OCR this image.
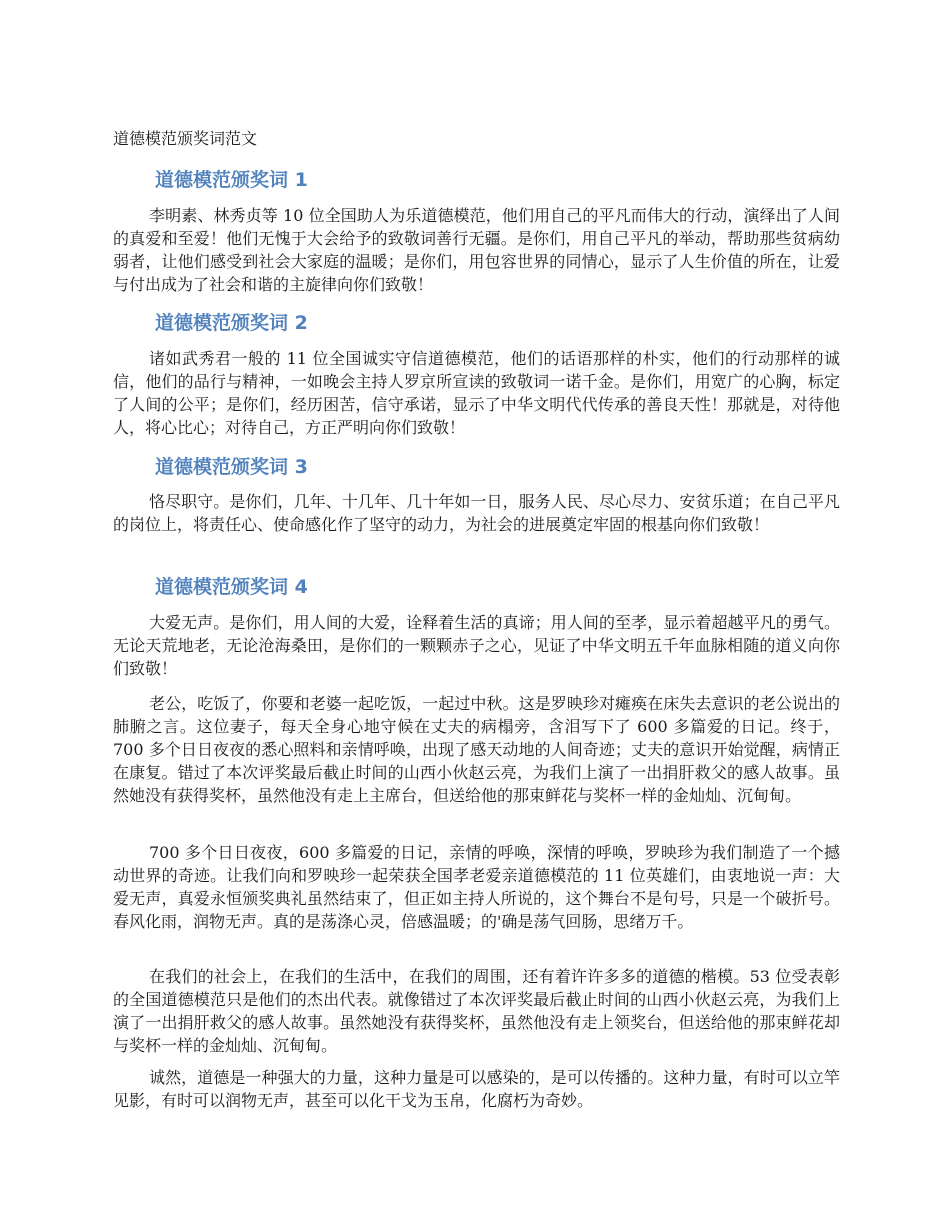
道德模范颁奖词范文
道德模范颁奖词 1

李明素、林秀贞等 10 位全国助人为乐道德模范，他们用自己的平凡而伟大的行动，演绎出了人间的真爱和至爱！他们无愧于大会给予的致敬词善行无疆。是你们，用自己平凡的举动，帮助那些贫病幼弱者，让他们感受到社会大家庭的温暖；是你们，用包容世界的同情心，显示了人生价值的所在，让爱与付出成为了社会和谐的主旋律向你们致敬！

道德模范颁奖词 2

诸如武秀君一般的 11 位全国诚实守信道德模范，他们的话语那样的朴实，他们的行动那样的诚信，他们的品行与精神，一如晚会主持人罗京所宣读的致敬词一诺千金。是你们，用宽广的心胸，标定了人间的公平；是你们，经历困苦，信守承诺，显示了中华文明代代传承的善良天性！那就是，对待他人，将心比心；对待自己，方正严明向你们致敬！

道德模范颁奖词 3

恪尽职守。是你们，几年、十几年、几十年如一日，服务人民、尽心尽力、安贫乐道；在自己平凡的岗位上，将责任心、使命感化作了坚守的动力，为社会的进展奠定牢固的根基向你们致敬！

道德模范颁奖词 4

大爱无声。是你们，用人间的大爱，诠释着生活的真谛；用人间的至孝，显示着超越平凡的勇气。无论天荒地老，无论沧海桑田，是你们的一颗颗赤子之心，见证了中华文明五千年血脉相随的道义向你们致敬！

老公，吃饭了，你要和老婆一起吃饭，一起过中秋。这是罗映珍对瘫痪在床失去意识的老公说出的肺腑之言。这位妻子，每天全身心地守候在丈夫的病榻旁，含泪写下了 600 多篇爱的日记。终于，700 多个日日夜夜的悉心照料和亲情呼唤，出现了感天动地的人间奇迹；丈夫的意识开始觉醒，病情正在康复。错过了本次评奖最后截止时间的山西小伙赵云亮，为我们上演了一出捐肝救父的感人故事。虽然她没有获得奖杯，虽然他没有走上主席台，但送给他的那束鲜花与奖杯一样的金灿灿、沉甸甸。

700 多个日日夜夜，600 多篇爱的日记，亲情的呼唤，深情的呼唤，罗映珍为我们制造了一个撼动世界的奇迹。让我们向和罗映珍一起荣获全国孝老爱亲道德模范的 11 位英雄们，由衷地说一声：大爱无声，真爱永恒颁奖典礼虽然结束了，但正如主持人所说的，这个舞台不是句号，只是一个破折号。春风化雨，润物无声。真的是荡涤心灵，倍感温暖；的'确是荡气回肠，思绪万千。

在我们的社会上，在我们的生活中，在我们的周围，还有着许许多多的道德的楷模。53 位受表彰的全国道德模范只是他们的杰出代表。就像错过了本次评奖最后截止时间的山西小伙赵云亮，为我们上演了一出捐肝救父的感人故事。虽然她没有获得奖杯，虽然他没有走上领奖台，但送给他的那束鲜花却与奖杯一样的金灿灿、沉甸甸。

诚然，道德是一种强大的力量，这种力量是可以感染的，是可以传播的。这种力量，有时可以立竿见影，有时可以润物无声，甚至可以化干戈为玉帛，化腐朽为奇妙。
